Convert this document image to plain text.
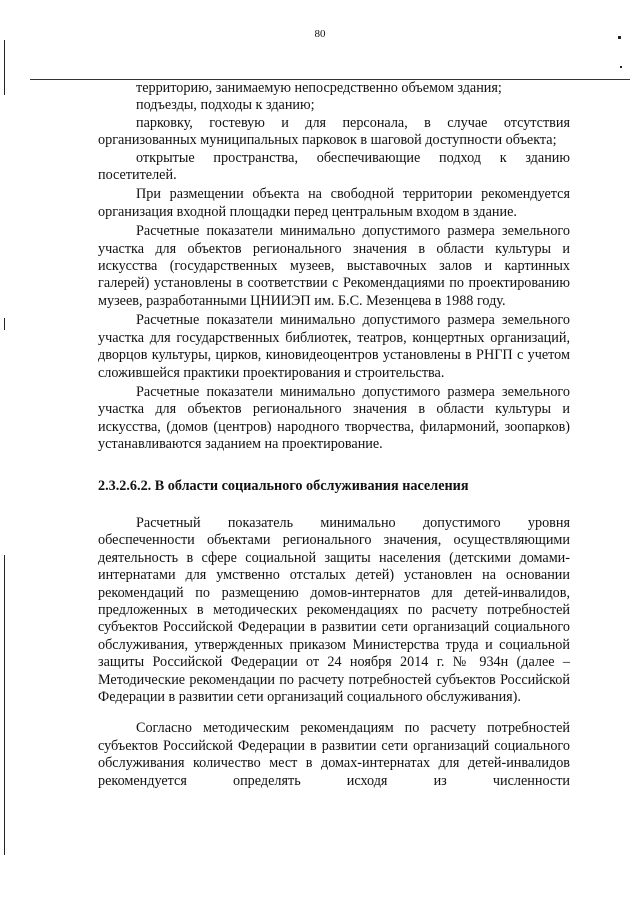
80

территорию, занимаемую непосредственно объемом здания;

подъезды, подходы к зданию;

парковку, гостевую и для персонала, в случае отсутствия организованных муниципальных парковок в шаговой доступности объекта;

открытые пространства, обеспечивающие подход к зданию посетителей.

При размещении объекта на свободной территории рекомендуется организация входной площадки перед центральным входом в здание.

Расчетные показатели минимально допустимого размера земельного участка для объектов регионального значения в области культуры и искусства (государственных музеев, выставочных залов и картинных галерей) установлены в соответствии с Рекомендациями по проектированию музеев, разработанными ЦНИИЭП им. Б.С. Мезенцева в 1988 году.

Расчетные показатели минимально допустимого размера земельного участка для государственных библиотек, театров, концертных организаций, дворцов культуры, цирков, киновидеоцентров установлены в РНГП с учетом сложившейся практики проектирования и строительства.

Расчетные показатели минимально допустимого размера земельного участка для объектов регионального значения в области культуры и искусства, (домов (центров) народного творчества, филармоний, зоопарков) устанавливаются заданием на проектирование.

2.3.2.6.2. В области социального обслуживания населения

Расчетный показатель минимально допустимого уровня обеспеченности объектами регионального значения, осуществляющими деятельность в сфере социальной защиты населения (детскими домами-интернатами для умственно отсталых детей) установлен на основании рекомендаций по размещению домов-интернатов для детей-инвалидов, предложенных в методических рекомендациях по расчету потребностей субъектов Российской Федерации в развитии сети организаций социального обслуживания, утвержденных приказом Министерства труда и социальной защиты Российской Федерации от 24 ноября 2014 г. № 934н (далее – Методические рекомендации по расчету потребностей субъектов Российской Федерации в развитии сети организаций социального обслуживания).

Согласно методическим рекомендациям по расчету потребностей субъектов Российской Федерации в развитии сети организаций социального обслуживания количество мест в домах-интернатах для детей-инвалидов рекомендуется определять исходя из численности
